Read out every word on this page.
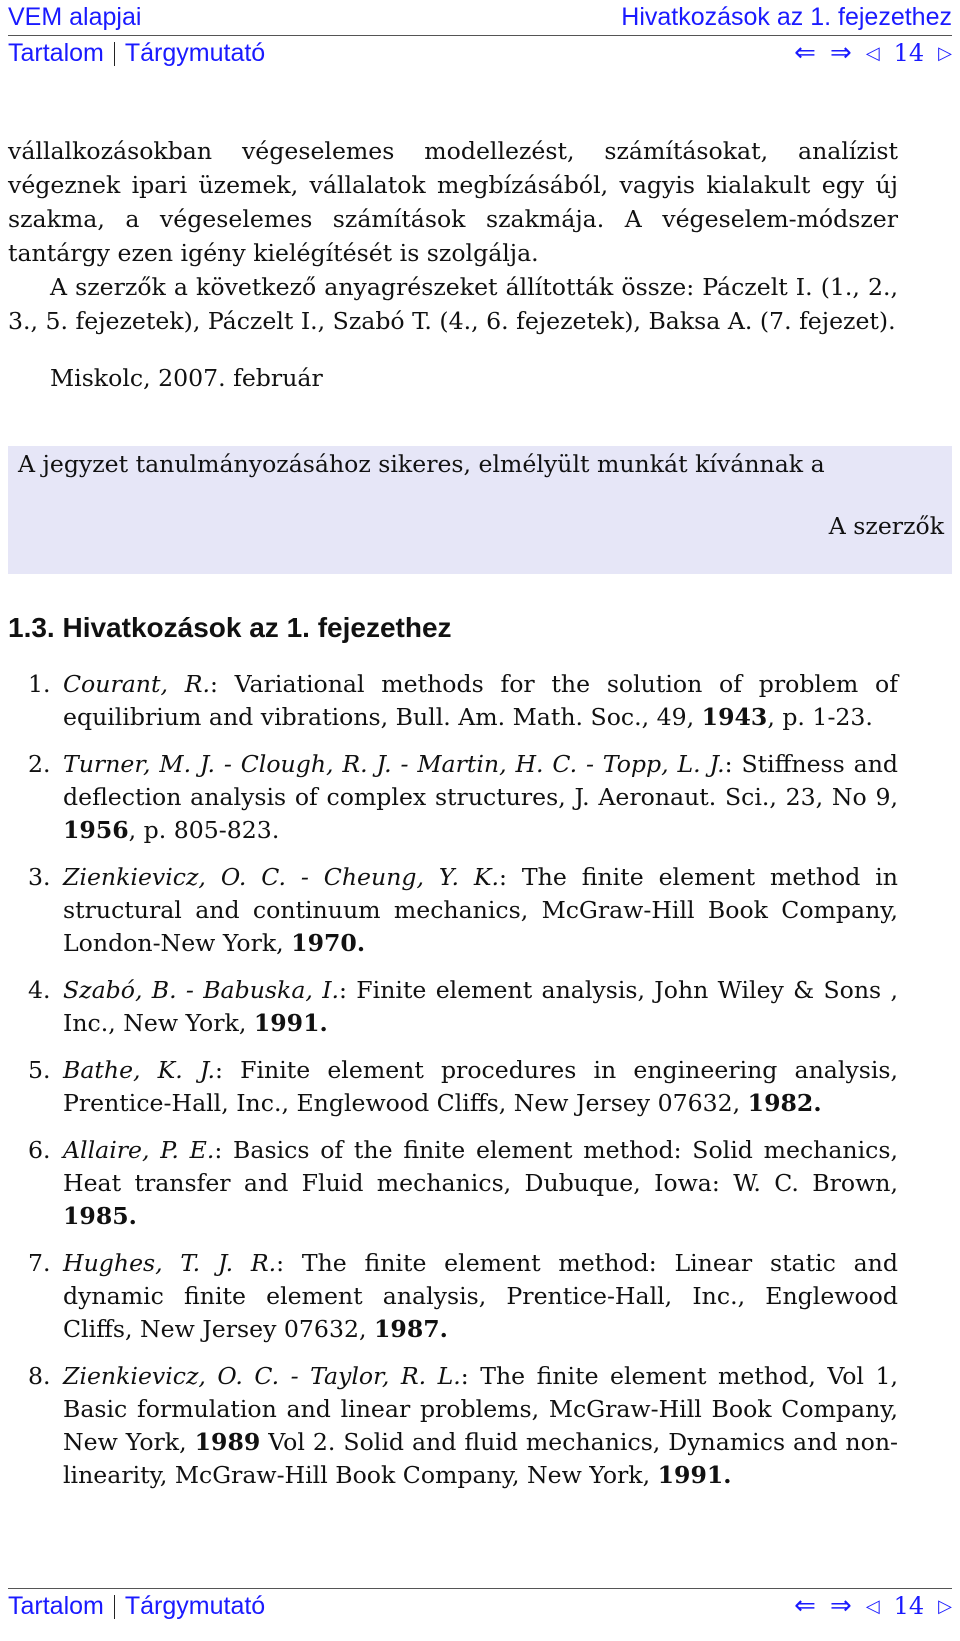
VEM alapjai	Hivatkozások az 1. fejezethez
Tartalom Tárgymutató	⇐ ⇒ ◁ 14 ▷

vállalkozásokban végeselemes modellezést, számításokat, analízist végeznek ipari üzemek, vállalatok megbízásából, vagyis kialakult egy új szakma, a végeselemes számítások szakmája. A végeselem-módszer tantárgy ezen igény kielégítését is szolgálja.

A szerzők a következő anyagrészeket állították össze: Páczelt I. (1., 2., 3., 5. fejezetek), Páczelt I., Szabó T. (4., 6. fejezetek), Baksa A. (7. fejezet).

Miskolc, 2007. február

A jegyzet tanulmányozásához sikeres, elmélyült munkát kívánnak a
A szerzők
1.3. Hivatkozások az 1. fejezethez
1. Courant, R.: Variational methods for the solution of problem of equilibrium and vibrations, Bull. Am. Math. Soc., 49, 1943, p. 1-23.
2. Turner, M. J. - Clough, R. J. - Martin, H. C. - Topp, L. J.: Stiffness and deflection analysis of complex structures, J. Aeronaut. Sci., 23, No 9, 1956, p. 805-823.
3. Zienkievicz, O. C. - Cheung, Y. K.: The finite element method in structural and continuum mechanics, McGraw-Hill Book Company, London-New York, 1970.
4. Szabó, B. - Babuska, I.: Finite element analysis, John Wiley & Sons , Inc., New York, 1991.
5. Bathe, K. J.: Finite element procedures in engineering analysis, Prentice-Hall, Inc., Englewood Cliffs, New Jersey 07632, 1982.
6. Allaire, P. E.: Basics of the finite element method: Solid mechanics, Heat transfer and Fluid mechanics, Dubuque, Iowa: W. C. Brown, 1985.
7. Hughes, T. J. R.: The finite element method: Linear static and dynamic finite element analysis, Prentice-Hall, Inc., Englewood Cliffs, New Jersey 07632, 1987.
8. Zienkievicz, O. C. - Taylor, R. L.: The finite element method, Vol 1, Basic formulation and linear problems, McGraw-Hill Book Company, New York, 1989 Vol 2. Solid and fluid mechanics, Dynamics and non-linearity, McGraw-Hill Book Company, New York, 1991.
Tartalom Tárgymutató	⇐ ⇒ ◁ 14 ▷
